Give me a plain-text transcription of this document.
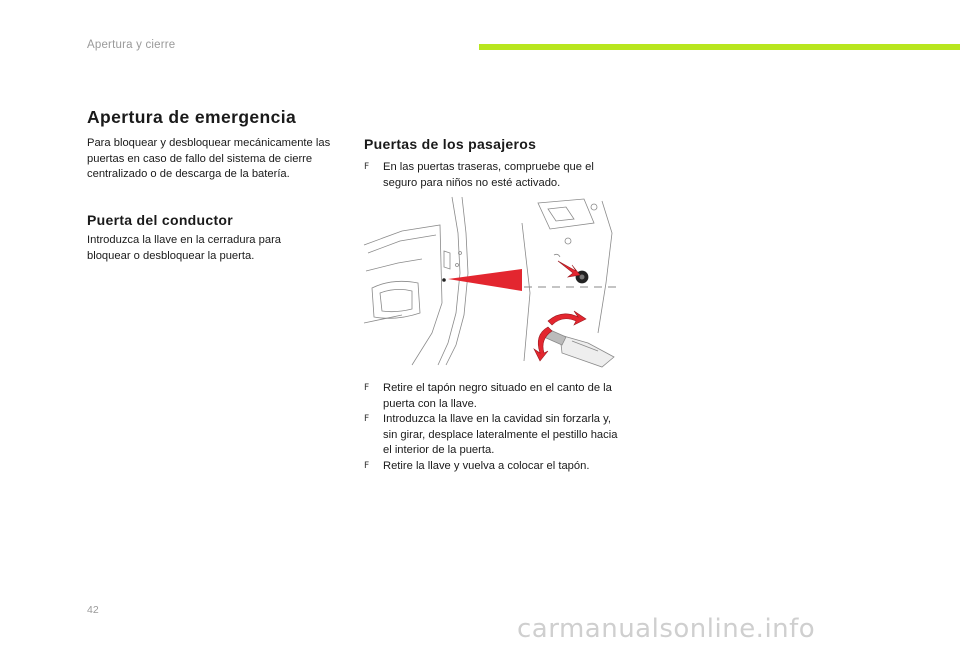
Apertura y cierre
Apertura de emergencia

Para bloquear y desbloquear mecánicamente las puertas en caso de fallo del sistema de cierre centralizado o de descarga de la batería.

Puerta del conductor

Introduzca la llave en la cerradura para bloquear o desbloquear la puerta.

Puertas de los pasajeros
F En las puertas traseras, compruebe que el seguro para niños no esté activado.
F Retire el tapón negro situado en el canto de la puerta con la llave.
F Introduzca la llave en la cavidad sin forzarla y, sin girar, desplace lateralmente el pestillo hacia el interior de la puerta.
F Retire la llave y vuelva a colocar el tapón.
42
carmanualsonline.info
